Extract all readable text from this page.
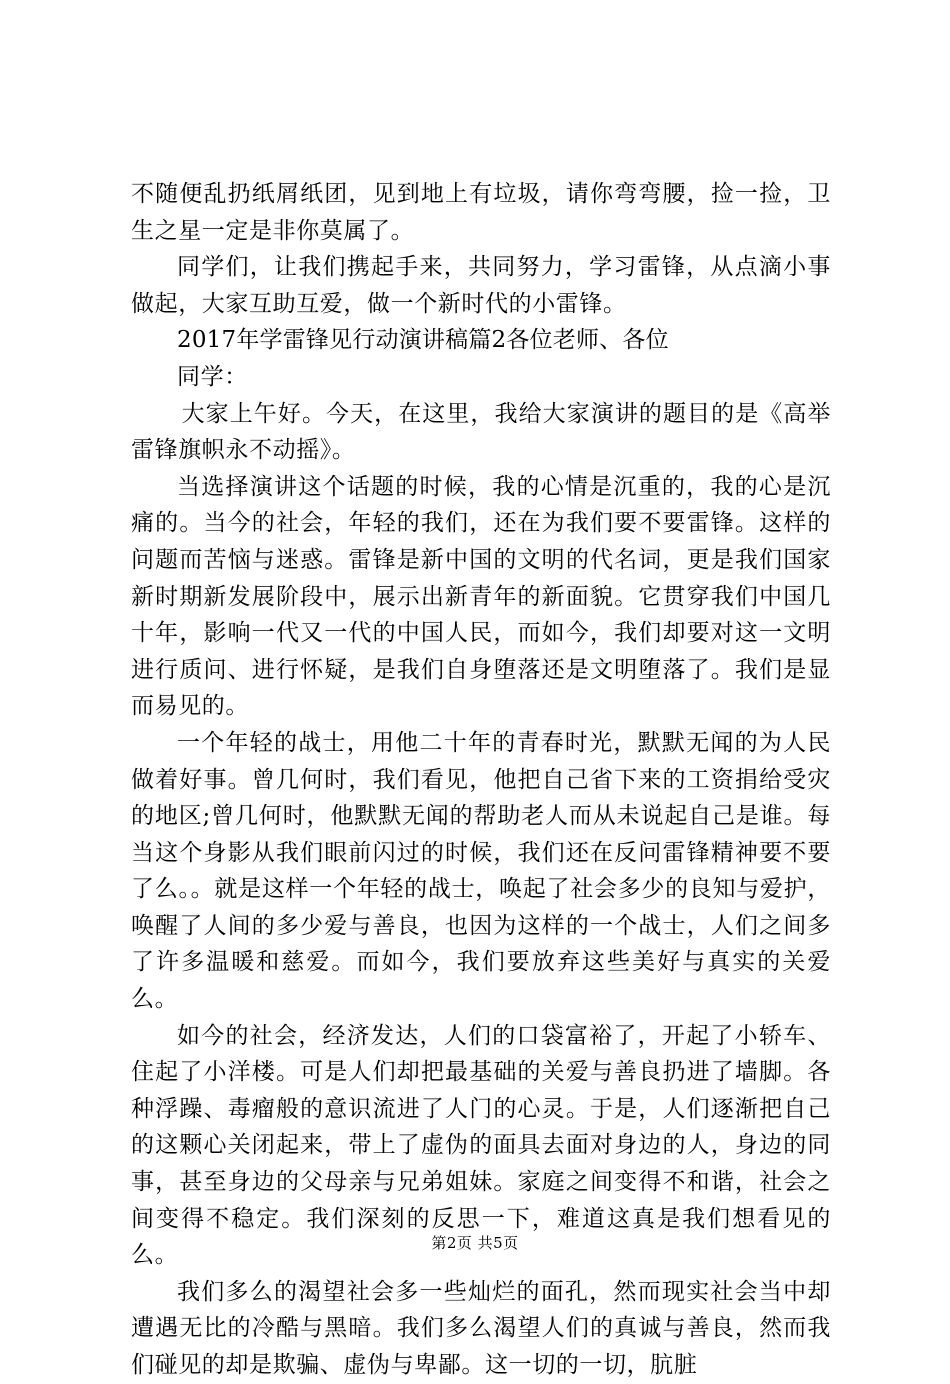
不随便乱扔纸屑纸团，见到地上有垃圾，请你弯弯腰，捡一捡，卫生之星一定是非你莫属了。

同学们，让我们携起手来，共同努力，学习雷锋，从点滴小事做起，大家互助互爱，做一个新时代的小雷锋。

2017年学雷锋见行动演讲稿篇2各位老师、各位

同学：

大家上午好。今天，在这里，我给大家演讲的题目的是《高举雷锋旗帜永不动摇》。

当选择演讲这个话题的时候，我的心情是沉重的，我的心是沉痛的。当今的社会，年轻的我们，还在为我们要不要雷锋。这样的问题而苦恼与迷惑。雷锋是新中国的文明的代名词，更是我们国家新时期新发展阶段中，展示出新青年的新面貌。它贯穿我们中国几十年，影响一代又一代的中国人民，而如今，我们却要对这一文明进行质问、进行怀疑，是我们自身堕落还是文明堕落了。我们是显而易见的。

一个年轻的战士，用他二十年的青春时光，默默无闻的为人民做着好事。曾几何时，我们看见，他把自己省下来的工资捐给受灾的地区;曾几何时，他默默无闻的帮助老人而从未说起自己是谁。每当这个身影从我们眼前闪过的时候，我们还在反问雷锋精神要不要了么。。就是这样一个年轻的战士，唤起了社会多少的良知与爱护，唤醒了人间的多少爱与善良，也因为这样的一个战士，人们之间多了许多温暖和慈爱。而如今，我们要放弃这些美好与真实的关爱么。

如今的社会，经济发达，人们的口袋富裕了，开起了小轿车、住起了小洋楼。可是人们却把最基础的关爱与善良扔进了墙脚。各种浮躁、毒瘤般的意识流进了人门的心灵。于是，人们逐渐把自己的这颗心关闭起来，带上了虚伪的面具去面对身边的人，身边的同事，甚至身边的父母亲与兄弟姐妹。家庭之间变得不和谐，社会之间变得不稳定。我们深刻的反思一下，难道这真是我们想看见的么。

我们多么的渴望社会多一些灿烂的面孔，然而现实社会当中却遭遇无比的冷酷与黑暗。我们多么渴望人们的真诚与善良，然而我们碰见的却是欺骗、虚伪与卑鄙。这一切的一切，肮脏

第2页 共5页
